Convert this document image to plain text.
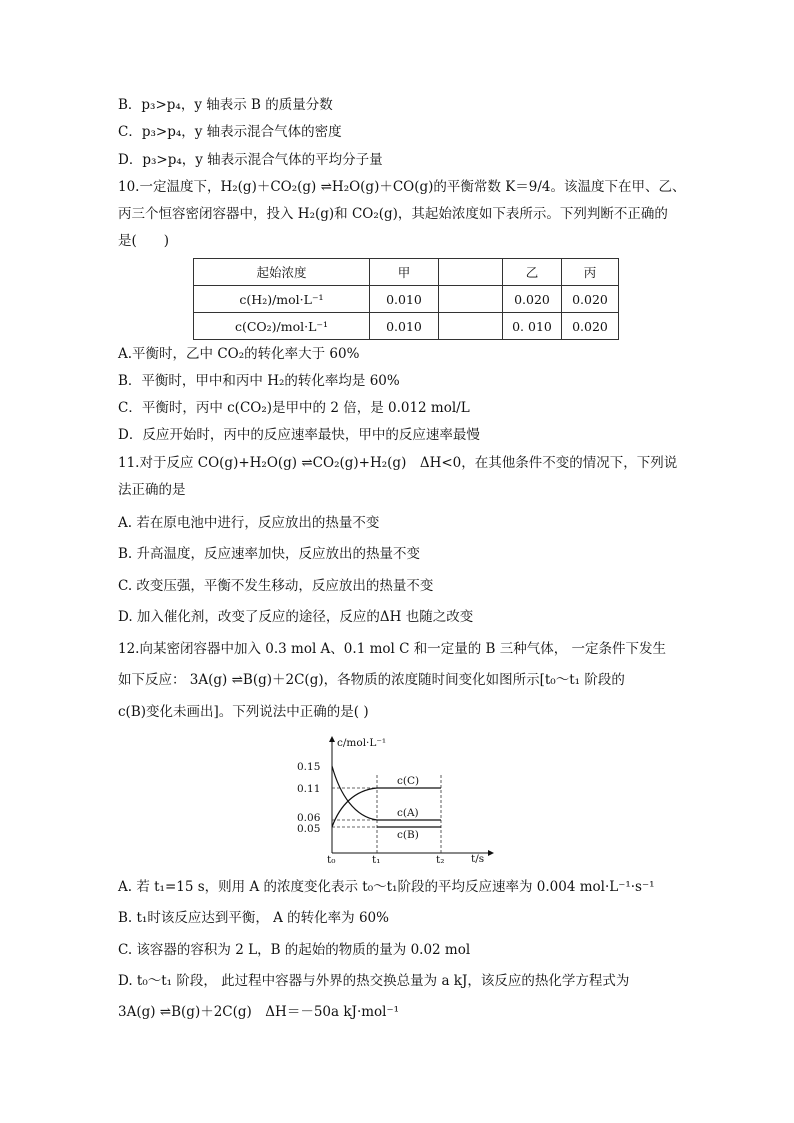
B．p₃>p₄，y 轴表示 B 的质量分数
C．p₃>p₄，y 轴表示混合气体的密度
D．p₃>p₄，y 轴表示混合气体的平均分子量
10.一定温度下，H₂(g)＋CO₂(g) ⇌H₂O(g)＋CO(g)的平衡常数 K＝9/4。该温度下在甲、乙、
丙三个恒容密闭容器中，投入 H₂(g)和 CO₂(g)，其起始浓度如下表所示。下列判断不正确的
是(　　)
起始浓度	甲		乙	丙
c(H₂)/mol·L⁻¹	0.010		0.020	0.020
c(CO₂)/mol·L⁻¹	0.010		0. 010	0.020
A.平衡时，乙中 CO₂的转化率大于 60%
B．平衡时，甲中和丙中 H₂的转化率均是 60%
C．平衡时，丙中 c(CO₂)是甲中的 2 倍，是 0.012 mol/L
D．反应开始时，丙中的反应速率最快，甲中的反应速率最慢
11.对于反应 CO(g)+H₂O(g) ⇌CO₂(g)+H₂(g)　ΔH<0，在其他条件不变的情况下，下列说
法正确的是
A. 若在原电池中进行，反应放出的热量不变
B. 升高温度，反应速率加快，反应放出的热量不变
C. 改变压强，平衡不发生移动，反应放出的热量不变
D. 加入催化剂，改变了反应的途径，反应的ΔH 也随之改变
12.向某密闭容器中加入 0.3 mol A、0.1 mol C 和一定量的 B 三种气体， 一定条件下发生
如下反应： 3A(g) ⇌B(g)＋2C(g)，各物质的浓度随时间变化如图所示[t₀～t₁ 阶段的
c(B)变化未画出]。下列说法中正确的是( )
0.15
0.11
0.06
0.05
t₀	t₁	t₂
c/mol·L⁻¹
t/s
c(C)
c(A)
c(B)
A. 若 t₁=15 s，则用 A 的浓度变化表示 t₀～t₁阶段的平均反应速率为 0.004 mol·L⁻¹·s⁻¹
B. t₁时该反应达到平衡， A 的转化率为 60%
C. 该容器的容积为 2 L，B 的起始的物质的量为 0.02 mol
D. t₀～t₁ 阶段， 此过程中容器与外界的热交换总量为 a kJ，该反应的热化学方程式为
3A(g) ⇌B(g)＋2C(g)　ΔH＝－50a kJ·mol⁻¹
